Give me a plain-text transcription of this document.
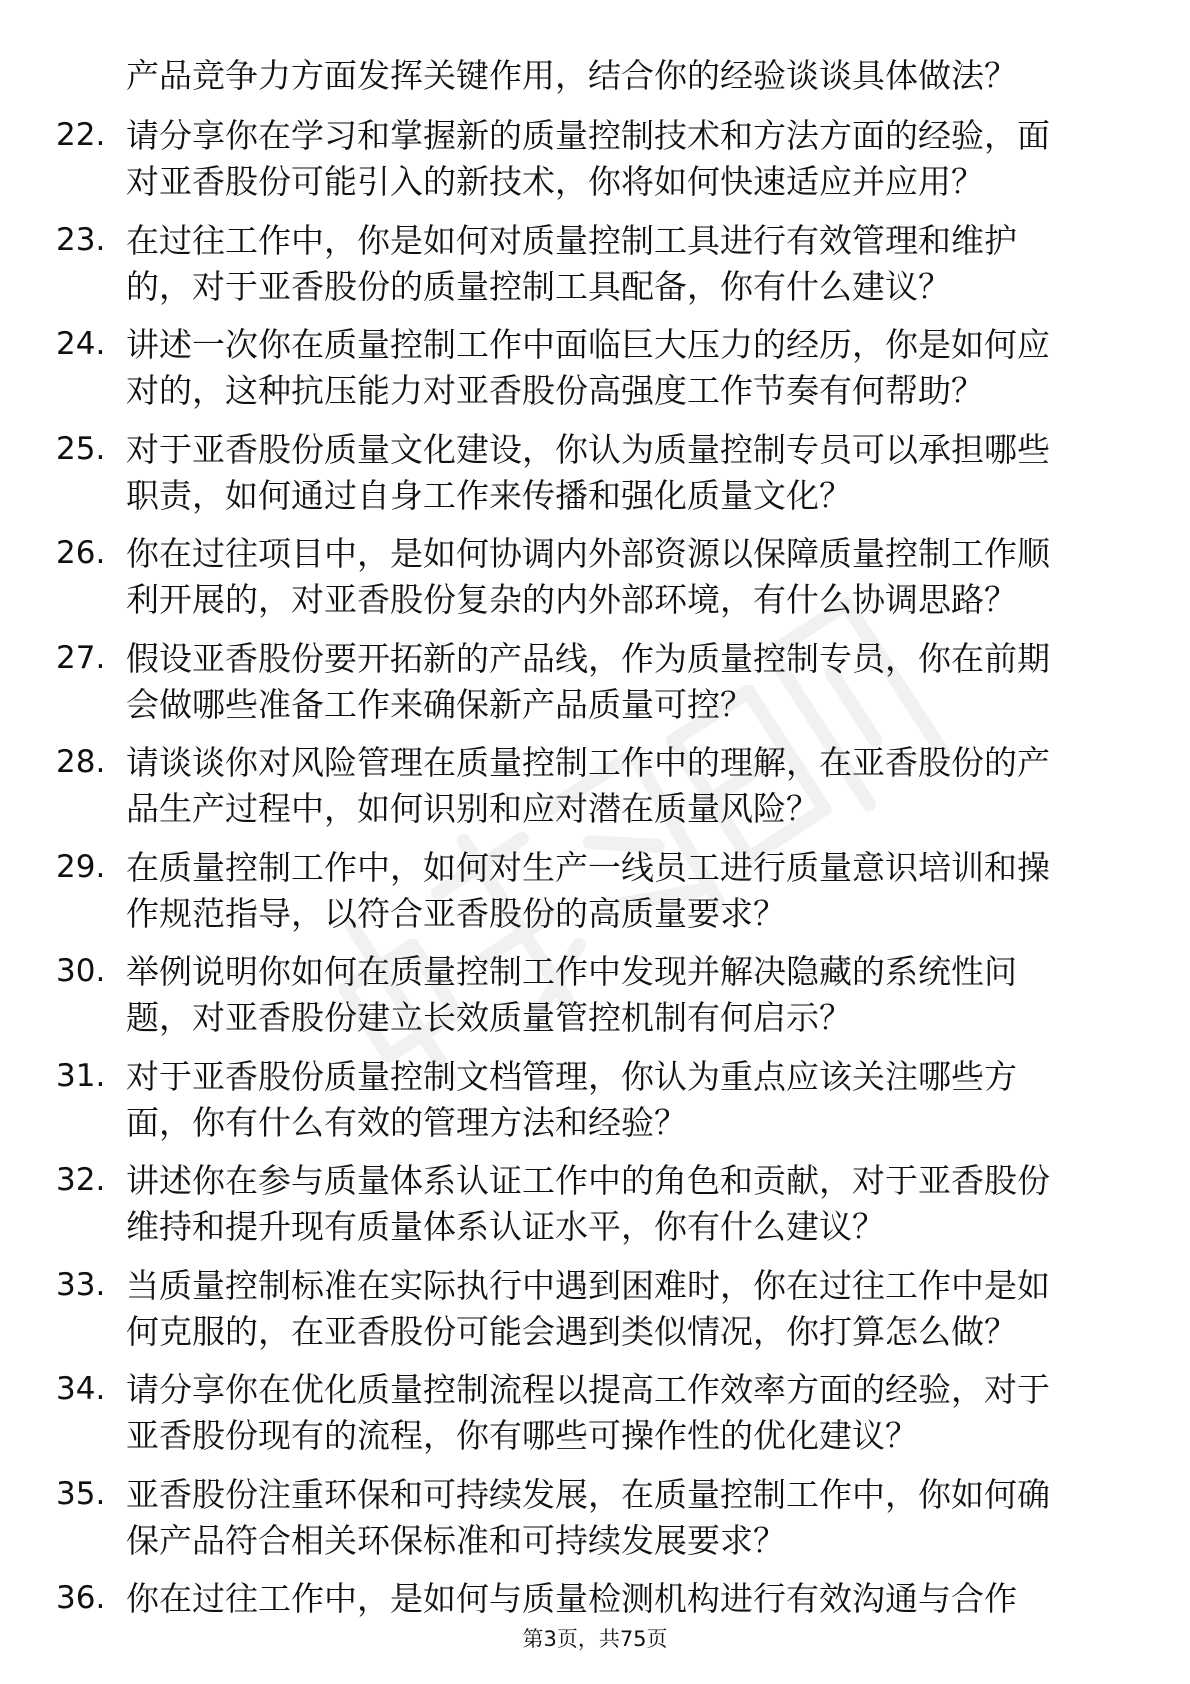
产品竞争力方面发挥关键作用，结合你的经验谈谈具体做法？
22. 请分享你在学习和掌握新的质量控制技术和方法方面的经验，面
对亚香股份可能引入的新技术，你将如何快速适应并应用？
23. 在过往工作中，你是如何对质量控制工具进行有效管理和维护
的，对于亚香股份的质量控制工具配备，你有什么建议？
24. 讲述一次你在质量控制工作中面临巨大压力的经历，你是如何应
对的，这种抗压能力对亚香股份高强度工作节奏有何帮助？
25. 对于亚香股份质量文化建设，你认为质量控制专员可以承担哪些
职责，如何通过自身工作来传播和强化质量文化？
26. 你在过往项目中，是如何协调内外部资源以保障质量控制工作顺
利开展的，对亚香股份复杂的内外部环境，有什么协调思路？
27. 假设亚香股份要开拓新的产品线，作为质量控制专员，你在前期
会做哪些准备工作来确保新产品质量可控？
28. 请谈谈你对风险管理在质量控制工作中的理解，在亚香股份的产
品生产过程中，如何识别和应对潜在质量风险？
29. 在质量控制工作中，如何对生产一线员工进行质量意识培训和操
作规范指导，以符合亚香股份的高质量要求？
30. 举例说明你如何在质量控制工作中发现并解决隐藏的系统性问
题，对亚香股份建立长效质量管控机制有何启示？
31. 对于亚香股份质量控制文档管理，你认为重点应该关注哪些方
面，你有什么有效的管理方法和经验？
32. 讲述你在参与质量体系认证工作中的角色和贡献，对于亚香股份
维持和提升现有质量体系认证水平，你有什么建议？
33. 当质量控制标准在实际执行中遇到困难时，你在过往工作中是如
何克服的，在亚香股份可能会遇到类似情况，你打算怎么做？
34. 请分享你在优化质量控制流程以提高工作效率方面的经验，对于
亚香股份现有的流程，你有哪些可操作性的优化建议？
35. 亚香股份注重环保和可持续发展，在质量控制工作中，你如何确
保产品符合相关环保标准和可持续发展要求？
36. 你在过往工作中，是如何与质量检测机构进行有效沟通与合作
第3页，共75页
